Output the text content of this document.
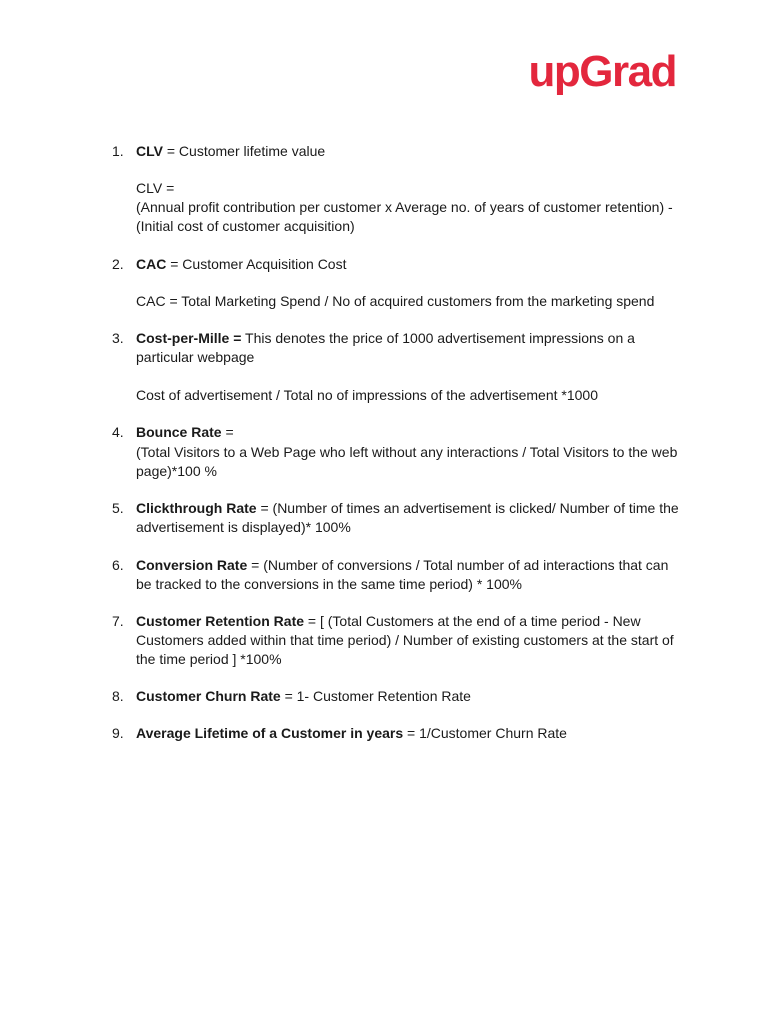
upGrad
1. CLV = Customer lifetime value
CLV =
(Annual profit contribution per customer x Average no. of years of customer retention) -
(Initial cost of customer acquisition)
2. CAC = Customer Acquisition Cost
CAC = Total Marketing Spend / No of acquired customers from the marketing spend
3. Cost-per-Mille = This denotes the price of 1000 advertisement impressions on a
particular webpage
Cost of advertisement / Total no of impressions of the advertisement *1000
4. Bounce Rate =
(Total Visitors to a Web Page who left without any interactions / Total Visitors to the web
page)*100 %
5. Clickthrough Rate = (Number of times an advertisement is clicked/ Number of time the
advertisement is displayed)* 100%
6. Conversion Rate = (Number of conversions / Total number of ad interactions that can
be tracked to the conversions in the same time period) * 100%
7. Customer Retention Rate = [ (Total Customers at the end of a time period - New
Customers added within that time period) / Number of existing customers at the start of
the time period ] *100%
8. Customer Churn Rate = 1- Customer Retention Rate
9. Average Lifetime of a Customer in years = 1/Customer Churn Rate
